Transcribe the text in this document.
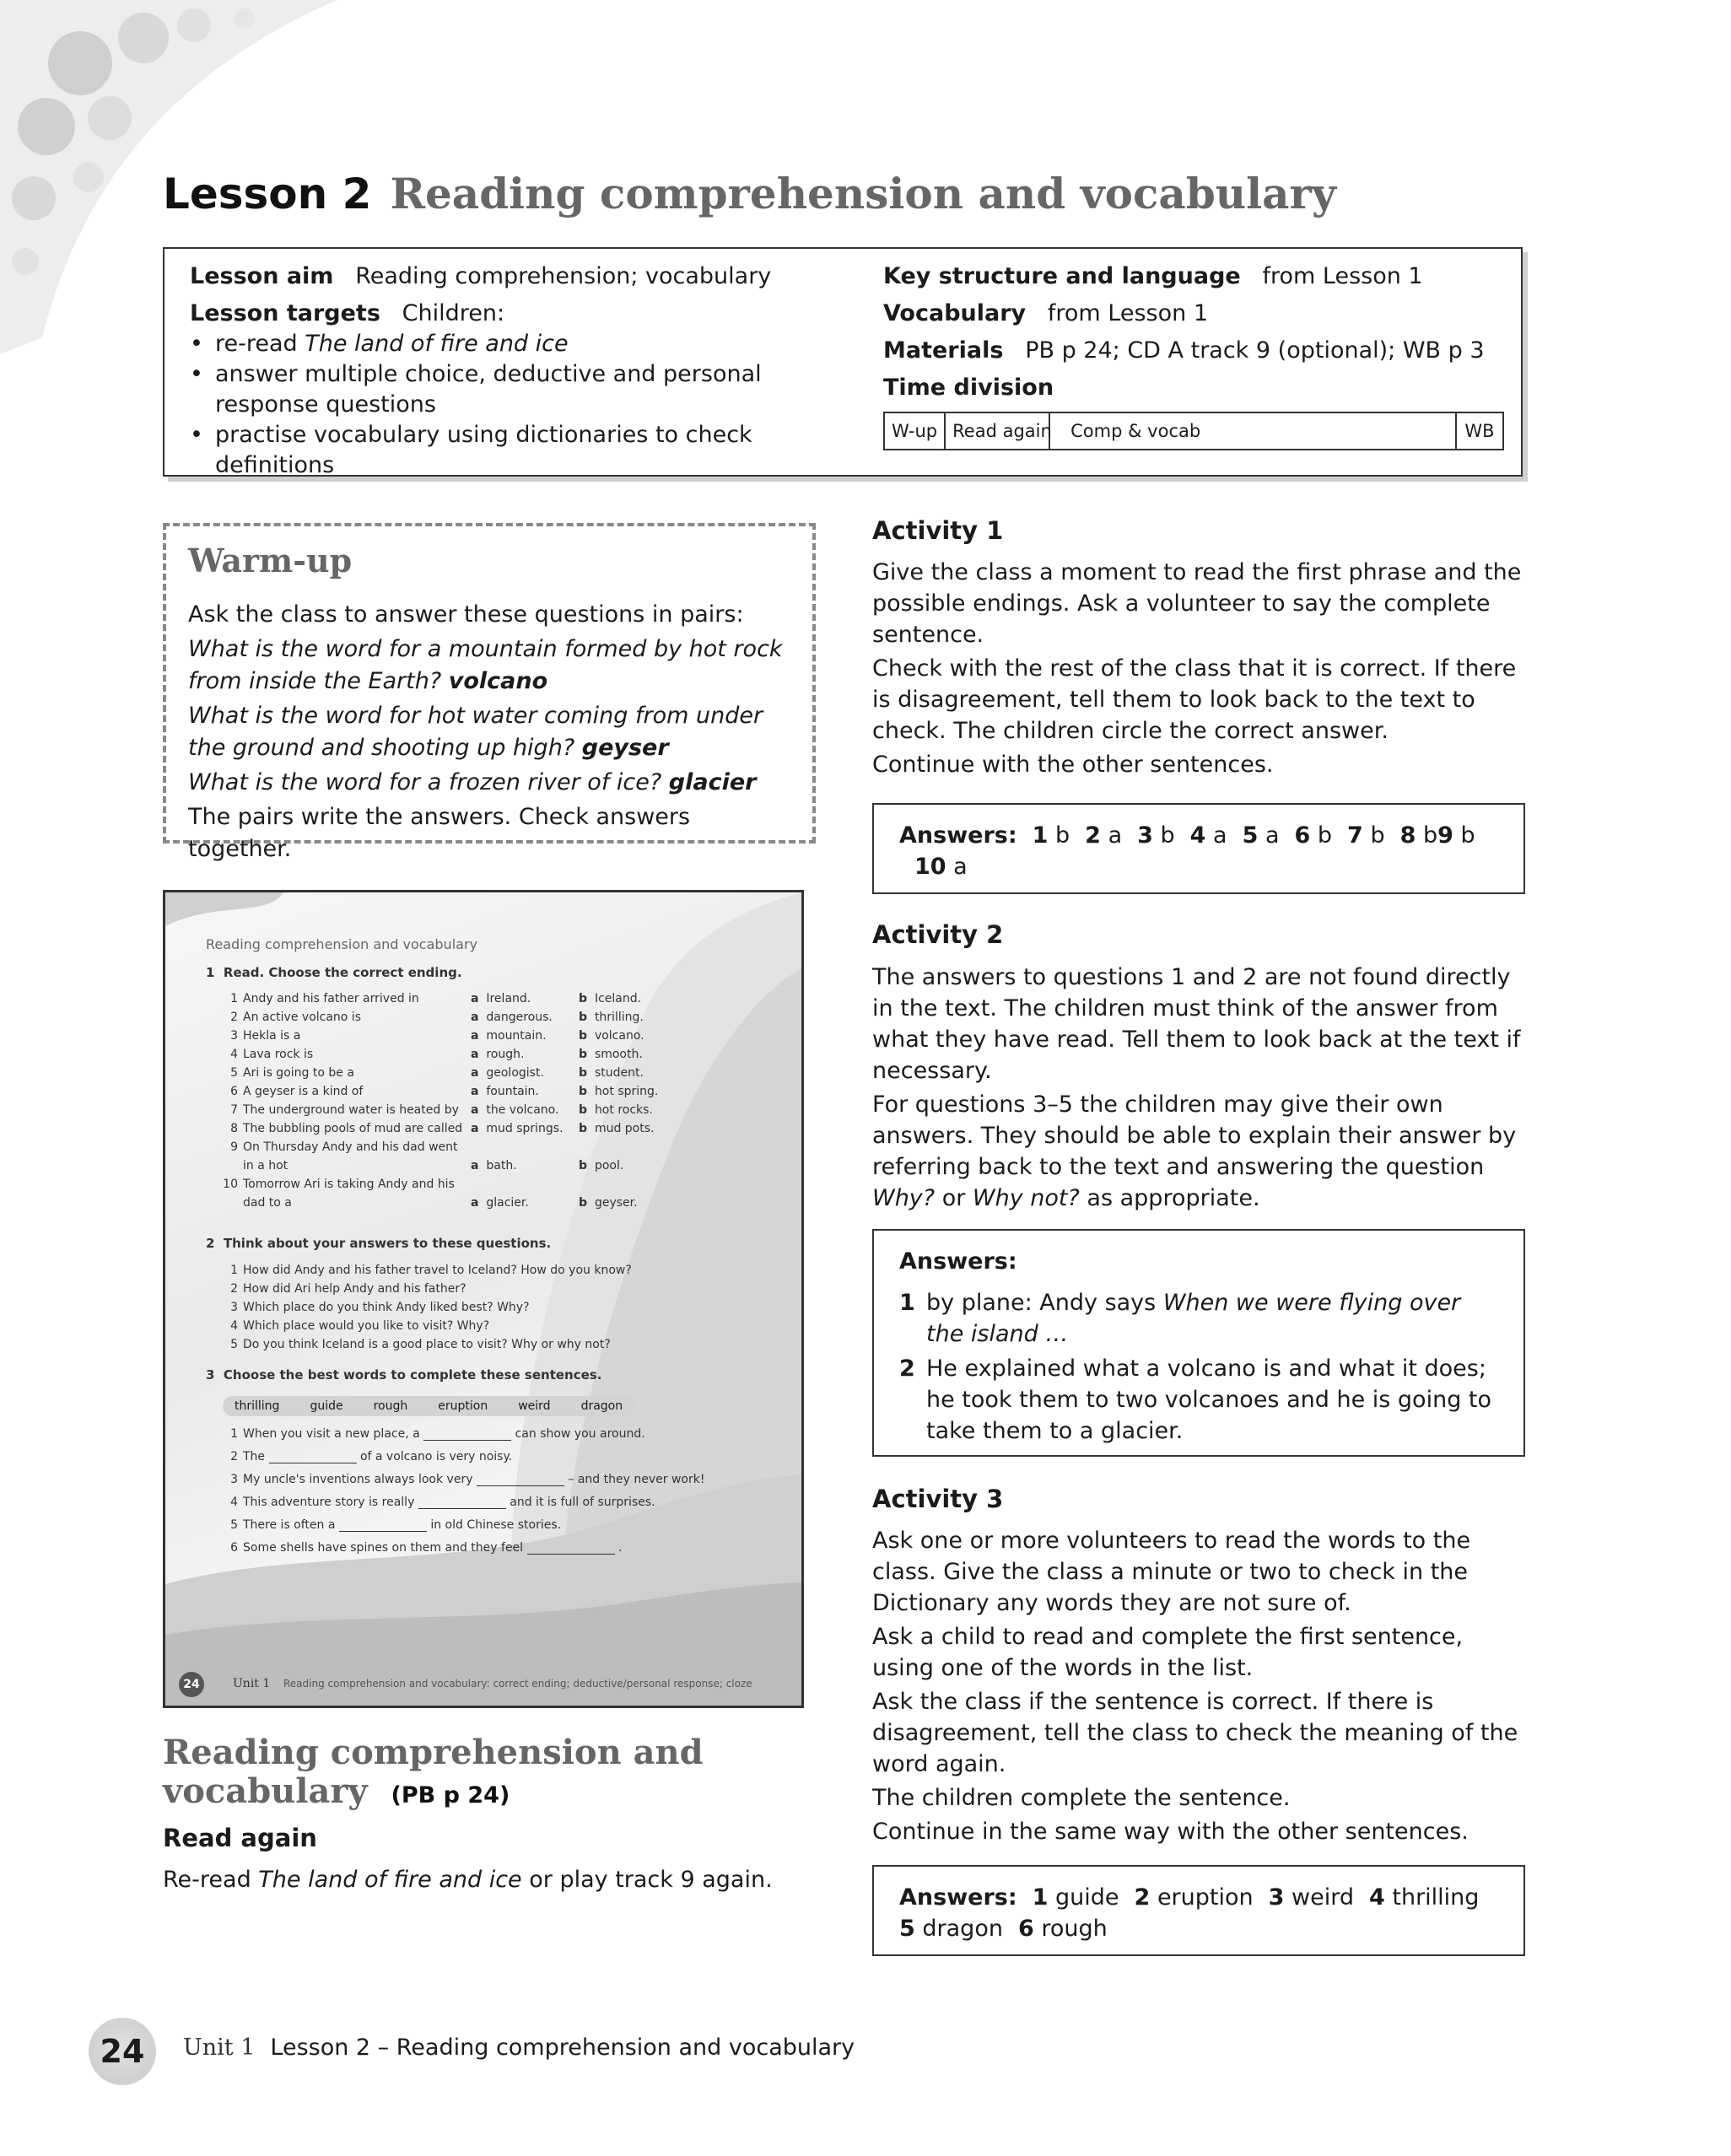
Lesson 2 Reading comprehension and vocabulary
Lesson aim Reading comprehension; vocabulary
Lesson targets Children:
• re-read The land of fire and ice
• answer multiple choice, deductive and personal response questions
• practise vocabulary using dictionaries to check definitions
Key structure and language from Lesson 1
Vocabulary from Lesson 1
Materials PB p 24; CD A track 9 (optional); WB p 3
Time division
W-up Read again	Comp & vocab	WB
Warm-up

Ask the class to answer these questions in pairs:

What is the word for a mountain formed by hot rock from inside the Earth? volcano

What is the word for hot water coming from under the ground and shooting up high? geyser

What is the word for a frozen river of ice? glacier

The pairs write the answers. Check answers together.

Reading comprehension and vocabulary
1  Read. Choose the correct ending.
2  Think about your answers to these questions.
3  Choose the best words to complete these sentences.
thrilling	guide	rough	eruption	weird	dragon
24	Unit 1 Reading comprehension and vocabulary: correct ending; deductive/personal response; cloze
1 Andy and his father arrived in	a Ireland.	b Iceland.
2 An active volcano is	a dangerous. b thrilling.
3 Hekla is a	a mountain.	b volcano.
4 Lava rock is	a rough.	b smooth.
5 Ari is going to be a	a geologist.	b student.
6 A geyser is a kind of	a fountain.	b hot spring.
7 The underground water is heated by a the volcano. b hot rocks.
8 The bubbling pools of mud are called a mud springs. b mud pots.
9 On Thursday Andy and his dad went
in a hot	a bath.	b pool.
10 Tomorrow Ari is taking Andy and his
dad to a	a glacier.	b geyser.
1 How did Andy and his father travel to Iceland? How do you know?
2 How did Ari help Andy and his father?
3 Which place do you think Andy liked best? Why?
4 Which place would you like to visit? Why?
5 Do you think Iceland is a good place to visit? Why or why not?
1 When you visit a new place, a	can show you around.
2 The	of a volcano is very noisy.
3 My uncle's inventions always look very	– and they never work!
4 This adventure story is really	and it is full of surprises.
5 There is often a	in old Chinese stories.
6 Some shells have spines on them and they feel	.
Reading comprehension and
vocabulary (PB p 24)
Read again
Re-read The land of fire and ice or play track 9 again.
Activity 1

Give the class a moment to read the first phrase and the possible endings. Ask a volunteer to say the complete sentence.

Check with the rest of the class that it is correct. If there is disagreement, tell them to look back to the text to check. The children circle the correct answer.

Continue with the other sentences.

Answers: 1 b 2 a 3 b 4 a 5 a 6 b 7 b 8 b9 b10 a
Activity 2

The answers to questions 1 and 2 are not found directly in the text. The children must think of the answer from what they have read. Tell them to look back at the text if necessary.

For questions 3–5 the children may give their own answers. They should be able to explain their answer by referring back to the text and answering the question Why? or Why not? as appropriate.

Answers:
1 by plane: Andy says When we were flying over the island …
2 He explained what a volcano is and what it does; he took them to two volcanoes and he is going to take them to a glacier.
Activity 3

Ask one or more volunteers to read the words to the class. Give the class a minute or two to check in the Dictionary any words they are not sure of.

Ask a child to read and complete the first sentence, using one of the words in the list.

Ask the class if the sentence is correct. If there is disagreement, tell the class to check the meaning of the word again.

The children complete the sentence.

Continue in the same way with the other sentences.

Answers: 1 guide 2 eruption 3 weird 4 thrilling5 dragon 6 rough
24	Unit 1 Lesson 2 – Reading comprehension and vocabulary
